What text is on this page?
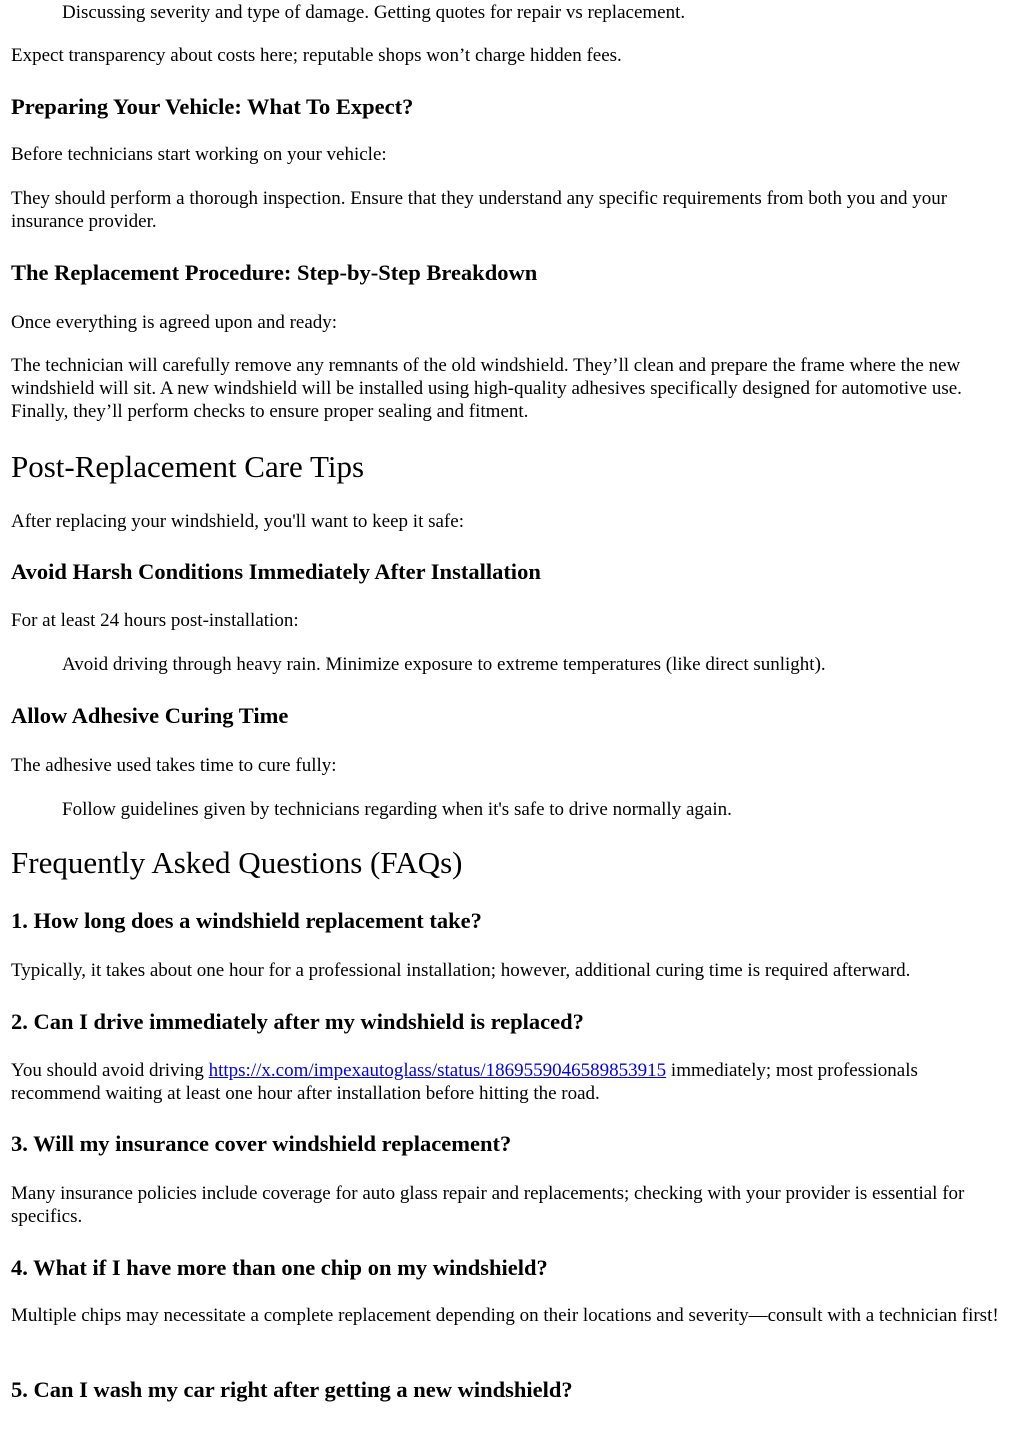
Discussing severity and type of damage. Getting quotes for repair vs replacement.

Expect transparency about costs here; reputable shops won’t charge hidden fees.

Preparing Your Vehicle: What To Expect?

Before technicians start working on your vehicle:

They should perform a thorough inspection. Ensure that they understand any specific requirements from both you and your insurance provider.

The Replacement Procedure: Step-by-Step Breakdown

Once everything is agreed upon and ready:

The technician will carefully remove any remnants of the old windshield. They’ll clean and prepare the frame where the new windshield will sit. A new windshield will be installed using high-quality adhesives specifically designed for automotive use. Finally, they’ll perform checks to ensure proper sealing and fitment.

Post-Replacement Care Tips

After replacing your windshield, you'll want to keep it safe:

Avoid Harsh Conditions Immediately After Installation

For at least 24 hours post-installation:

Avoid driving through heavy rain. Minimize exposure to extreme temperatures (like direct sunlight).

Allow Adhesive Curing Time

The adhesive used takes time to cure fully:

Follow guidelines given by technicians regarding when it's safe to drive normally again.

Frequently Asked Questions (FAQs)
1. How long does a windshield replacement take?

Typically, it takes about one hour for a professional installation; however, additional curing time is required afterward.

2. Can I drive immediately after my windshield is replaced?

You should avoid driving https://x.com/impexautoglass/status/1869559046589853915 immediately; most professionals recommend waiting at least one hour after installation before hitting the road.

3. Will my insurance cover windshield replacement?

Many insurance policies include coverage for auto glass repair and replacements; checking with your provider is essential for specifics.

4. What if I have more than one chip on my windshield?

Multiple chips may necessitate a complete replacement depending on their locations and severity—consult with a technician first!

5. Can I wash my car right after getting a new windshield?
